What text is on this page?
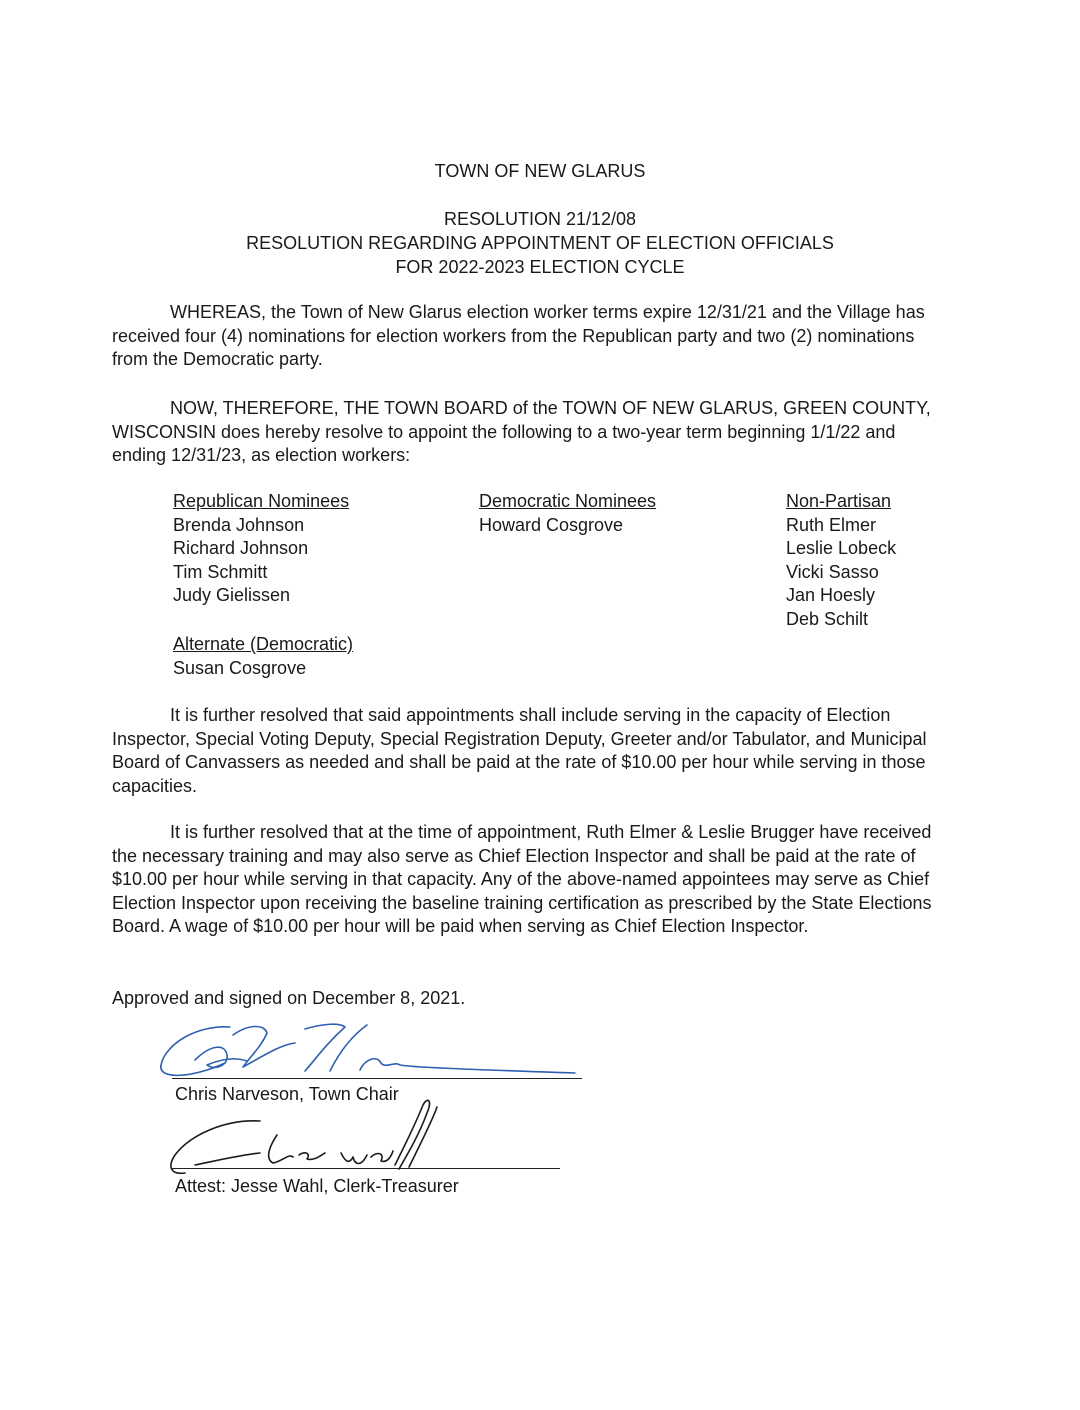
TOWN OF NEW GLARUS
RESOLUTION 21/12/08
RESOLUTION REGARDING APPOINTMENT OF ELECTION OFFICIALS
FOR 2022-2023 ELECTION CYCLE

WHEREAS, the Town of New Glarus election worker terms expire 12/31/21 and the Village has received four (4) nominations for election workers from the Republican party and two (2) nominations from the Democratic party.

NOW, THEREFORE, THE TOWN BOARD of the TOWN OF NEW GLARUS, GREEN COUNTY, WISCONSIN does hereby resolve to appoint the following to a two-year term beginning 1/1/22 and ending 12/31/23, as election workers:

Republican Nominees
Brenda Johnson
Richard Johnson
Tim Schmitt
Judy Gielissen
Democratic Nominees
Howard Cosgrove
Non-Partisan
Ruth Elmer
Leslie Lobeck
Vicki Sasso
Jan Hoesly
Deb Schilt
Alternate (Democratic)
Susan Cosgrove

It is further resolved that said appointments shall include serving in the capacity of Election Inspector, Special Voting Deputy, Special Registration Deputy, Greeter and/or Tabulator, and Municipal Board of Canvassers as needed and shall be paid at the rate of $10.00 per hour while serving in those capacities.

It is further resolved that at the time of appointment, Ruth Elmer & Leslie Brugger have received the necessary training and may also serve as Chief Election Inspector and shall be paid at the rate of $10.00 per hour while serving in that capacity. Any of the above-named appointees may serve as Chief Election Inspector upon receiving the baseline training certification as prescribed by the State Elections Board. A wage of $10.00 per hour will be paid when serving as Chief Election Inspector.

Approved and signed on December 8, 2021.

Chris Narveson, Town Chair
Attest: Jesse Wahl, Clerk-Treasurer
